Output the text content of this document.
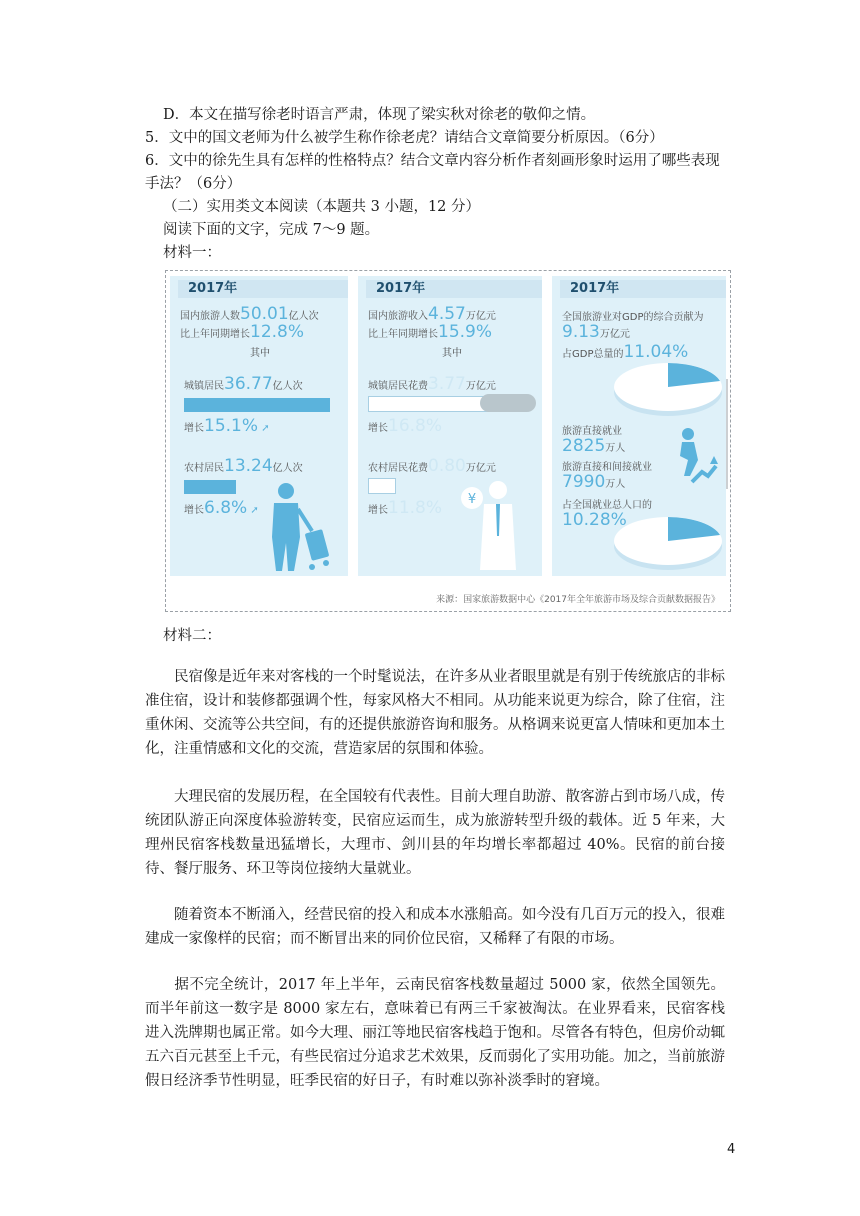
D．本文在描写徐老时语言严肃，体现了梁实秋对徐老的敬仰之情。
5．文中的国文老师为什么被学生称作徐老虎？请结合文章简要分析原因。（6分）
6．文中的徐先生具有怎样的性格特点？结合文章内容分析作者刻画形象时运用了哪些表现
手法？（6分）
（二）实用类文本阅读（本题共 3 小题，12 分）
阅读下面的文字，完成 7～9 题。
材料一：
2017年
国内旅游人数50.01亿人次
比上年同期增长12.8%
其中
城镇居民36.77亿人次
增长15.1% ➚
农村居民13.24亿人次
增长6.8% ➚
2017年
国内旅游收入4.57万亿元
比上年同期增长15.9%
其中
城镇居民花费3.77万亿元
增长16.8%
农村居民花费0.80万亿元
增长11.8% ¥
2017年
全国旅游业对GDP的综合贡献为
9.13万亿元
占GDP总量的11.04%
旅游直接就业
2825万人
旅游直接和间接就业
7990万人
占全国就业总人口的
10.28%
来源：国家旅游数据中心《2017年全年旅游市场及综合贡献数据报告》
材料二：
民宿像是近年来对客栈的一个时髦说法，在许多从业者眼里就是有别于传统旅店的非标准住宿，设计和装修都强调个性，每家风格大不相同。从功能来说更为综合，除了住宿，注重休闲、交流等公共空间，有的还提供旅游咨询和服务。从格调来说更富人情味和更加本土化，注重情感和文化的交流，营造家居的氛围和体验。
大理民宿的发展历程，在全国较有代表性。目前大理自助游、散客游占到市场八成，传统团队游正向深度体验游转变，民宿应运而生，成为旅游转型升级的载体。近 5 年来，大理州民宿客栈数量迅猛增长，大理市、剑川县的年均增长率都超过 40%。民宿的前台接待、餐厅服务、环卫等岗位接纳大量就业。
随着资本不断涌入，经营民宿的投入和成本水涨船高。如今没有几百万元的投入，很难建成一家像样的民宿；而不断冒出来的同价位民宿，又稀释了有限的市场。
据不完全统计，2017 年上半年，云南民宿客栈数量超过 5000 家，依然全国领先。而半年前这一数字是 8000 家左右，意味着已有两三千家被淘汰。在业界看来，民宿客栈进入洗牌期也属正常。如今大理、丽江等地民宿客栈趋于饱和。尽管各有特色，但房价动辄五六百元甚至上千元，有些民宿过分追求艺术效果，反而弱化了实用功能。加之，当前旅游假日经济季节性明显，旺季民宿的好日子，有时难以弥补淡季时的窘境。
4
